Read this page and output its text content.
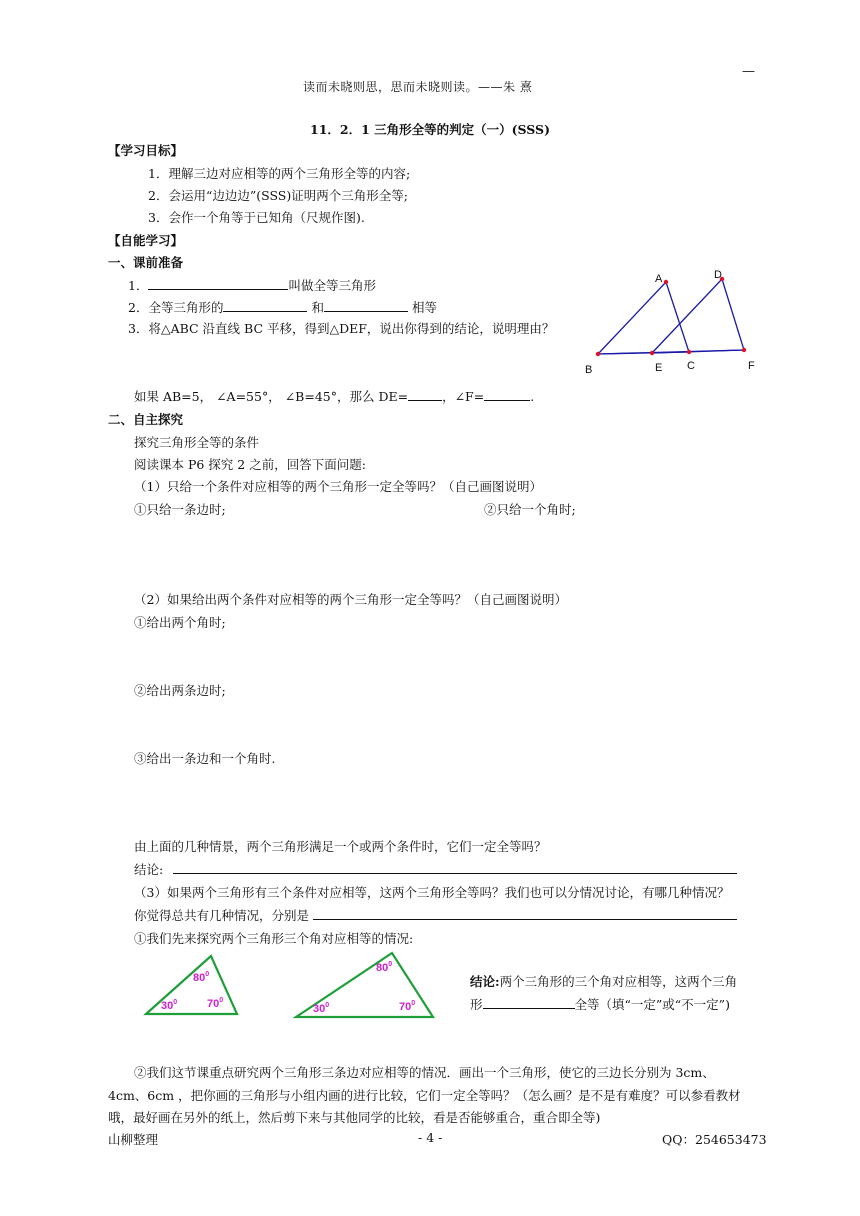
读而未晓则思，思而未晓则读。——朱 熹
—
11．2．1 三角形全等的判定（一）(SSS)
【学习目标】
1．理解三边对应相等的两个三角形全等的内容;
2．会运用“边边边”(SSS)证明两个三角形全等;
3．会作一个角等于已知角（尺规作图).
【自能学习】
一、课前准备
1．	叫做全等三角形
2．全等三角形的	和	相等
3．将△ABC 沿直线 BC 平移，得到△DEF，说出你得到的结论，说明理由？
A	D
B	E C	F
如果 AB=5， ∠A=55°， ∠B=45°，那么 DE=	，∠F=	.
二、自主探究
探究三角形全等的条件
阅读课本 P6 探究 2 之前，回答下面问题:
（1）只给一个条件对应相等的两个三角形一定全等吗？（自己画图说明）
①只给一条边时;	②只给一个角时;
（2）如果给出两个条件对应相等的两个三角形一定全等吗？（自己画图说明）
①给出两个角时;
②给出两条边时;
③给出一条边和一个角时.
由上面的几种情景，两个三角形满足一个或两个条件时，它们一定全等吗？
结论:
（3）如果两个三角形有三个条件对应相等，这两个三角形全等吗？我们也可以分情况讨论，有哪几种情况？
你觉得总共有几种情况，分别是
①我们先来探究两个三角形三个角对应相等的情况:
$80^0$
$30^0$	$70^0$
$80^0$
$30^0$	$70^0$
结论:两个三角形的三个角对应相等，这两个三角
形	全等（填“一定”或“不一定”)
②我们这节课重点研究两个三角形三条边对应相等的情况．画出一个三角形，使它的三边长分别为 3cm、
4cm、6cm ，把你画的三角形与小组内画的进行比较，它们一定全等吗？（怎么画？是不是有难度？可以参看教材
哦，最好画在另外的纸上，然后剪下来与其他同学的比较，看是否能够重合，重合即全等)
山柳整理	- 4 -	QQ：254653473
